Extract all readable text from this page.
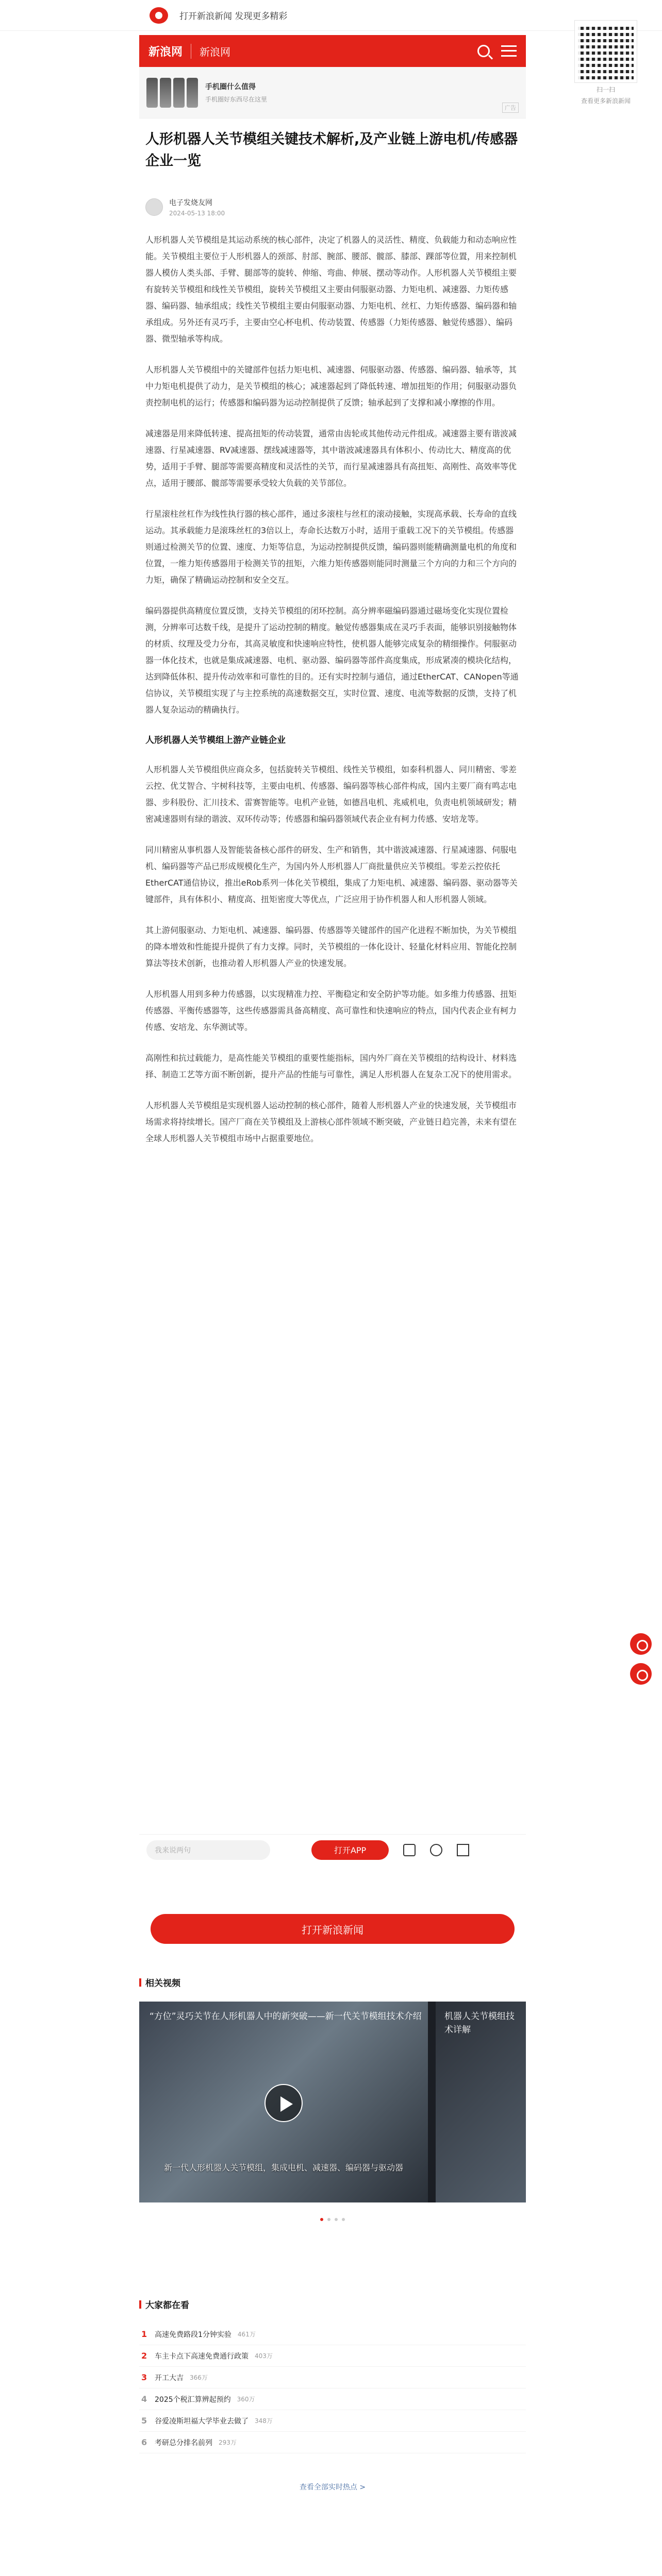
打开新浪新闻 发现更多精彩
新浪网	新浪网
手机圈什么值得
手机圈好东西尽在这里
广告
人形机器人关节模组关键技术解析,及产业链上游电机/传感器企业一览
电子发烧友网
2024-05-13 18:00

人形机器人关节模组是其运动系统的核心部件，决定了机器人的灵活性、精度、负载能力和动态响应性能。关节模组主要位于人形机器人的颈部、肘部、腕部、腰部、髋部、膝部、踝部等位置，用来控制机器人模仿人类头部、手臂、腿部等的旋转、伸缩、弯曲、伸展、摆动等动作。人形机器人关节模组主要有旋转关节模组和线性关节模组，旋转关节模组又主要由伺服驱动器、力矩电机、减速器、力矩传感器、编码器、轴承组成；线性关节模组主要由伺服驱动器、力矩电机、丝杠、力矩传感器、编码器和轴承组成。另外还有灵巧手，主要由空心杯电机、传动装置、传感器（力矩传感器、触觉传感器）、编码器、微型轴承等构成。

人形机器人关节模组中的关键部件包括力矩电机、减速器、伺服驱动器、传感器、编码器、轴承等，其中力矩电机提供了动力，是关节模组的核心；减速器起到了降低转速、增加扭矩的作用；伺服驱动器负责控制电机的运行；传感器和编码器为运动控制提供了反馈；轴承起到了支撑和减小摩擦的作用。

减速器是用来降低转速、提高扭矩的传动装置，通常由齿轮或其他传动元件组成。减速器主要有谐波减速器、行星减速器、RV减速器、摆线减速器等，其中谐波减速器具有体积小、传动比大、精度高的优势，适用于手臂、腿部等需要高精度和灵活性的关节，而行星减速器具有高扭矩、高刚性、高效率等优点，适用于腰部、髋部等需要承受较大负载的关节部位。

行星滚柱丝杠作为线性执行器的核心部件，通过多滚柱与丝杠的滚动接触，实现高承载、长寿命的直线运动。其承载能力是滚珠丝杠的3倍以上，寿命长达数万小时，适用于重载工况下的关节模组。传感器则通过检测关节的位置、速度、力矩等信息，为运动控制提供反馈，编码器则能精确测量电机的角度和位置，一维力矩传感器用于检测关节的扭矩，六维力矩传感器则能同时测量三个方向的力和三个方向的力矩，确保了精确运动控制和安全交互。

编码器提供高精度位置反馈，支持关节模组的闭环控制。高分辨率磁编码器通过磁场变化实现位置检测，分辨率可达数千线，是提升了运动控制的精度。触觉传感器集成在灵巧手表面，能够识别接触物体的材质、纹理及受力分布，其高灵敏度和快速响应特性，使机器人能够完成复杂的精细操作。伺服驱动器一体化技术，也就是集成减速器、电机、驱动器、编码器等部件高度集成，形成紧凑的模块化结构，达到降低体积、提升传动效率和可靠性的目的。还有实时控制与通信，通过EtherCAT、CANopen等通信协议，关节模组实现了与主控系统的高速数据交互，实时位置、速度、电流等数据的反馈，支持了机器人复杂运动的精确执行。

人形机器人关节模组上游产业链企业

人形机器人关节模组供应商众多，包括旋转关节模组、线性关节模组，如泰科机器人、同川精密、零差云控、优艾智合、宇树科技等，主要由电机、传感器、编码器等核心部件构成，国内主要厂商有鸣志电器、步科股份、汇川技术、雷赛智能等。电机产业链，如德昌电机、兆威机电，负责电机领域研发；精密减速器则有绿的谐波、双环传动等；传感器和编码器领域代表企业有柯力传感、安培龙等。

同川精密从事机器人及智能装备核心部件的研发、生产和销售，其中谐波减速器、行星减速器、伺服电机、编码器等产品已形成规模化生产，为国内外人形机器人厂商批量供应关节模组。零差云控依托EtherCAT通信协议，推出eRob系列一体化关节模组，集成了力矩电机、减速器、编码器、驱动器等关键部件，具有体积小、精度高、扭矩密度大等优点，广泛应用于协作机器人和人形机器人领域。

其上游伺服驱动、力矩电机、减速器、编码器、传感器等关键部件的国产化进程不断加快，为关节模组的降本增效和性能提升提供了有力支撑。同时，关节模组的一体化设计、轻量化材料应用、智能化控制算法等技术创新，也推动着人形机器人产业的快速发展。

人形机器人用到多种力传感器，以实现精准力控、平衡稳定和安全防护等功能。如多维力传感器、扭矩传感器、平衡传感器等，这些传感器需具备高精度、高可靠性和快速响应的特点，国内代表企业有柯力传感、安培龙、东华测试等。

高刚性和抗过载能力，是高性能关节模组的重要性能指标，国内外厂商在关节模组的结构设计、材料选择、制造工艺等方面不断创新，提升产品的性能与可靠性，满足人形机器人在复杂工况下的使用需求。

人形机器人关节模组是实现机器人运动控制的核心部件，随着人形机器人产业的快速发展，关节模组市场需求将持续增长。国产厂商在关节模组及上游核心部件领域不断突破，产业链日趋完善，未来有望在全球人形机器人关节模组市场中占据重要地位。

我来说两句	打开APP
打开新浪新闻
相关视频
“方位”灵巧关节在人形机器人中的新突破——新一代关节模组技术介绍
新一代人形机器人关节模组，集成电机、减速器、编码器与驱动器
机器人关节模组技术详解
大家都在看
1	高速免费路段1分钟实验 461万
2	车主卡点下高速免费通行政策 403万
3	开工大吉 366万
4	2025个税汇算辨起预约 360万
5	谷爱凌斯坦福大学毕业去做了 348万
6	考研总分排名前列 293万
查看全部实时热点 >
扫一扫
查看更多新浪新闻
